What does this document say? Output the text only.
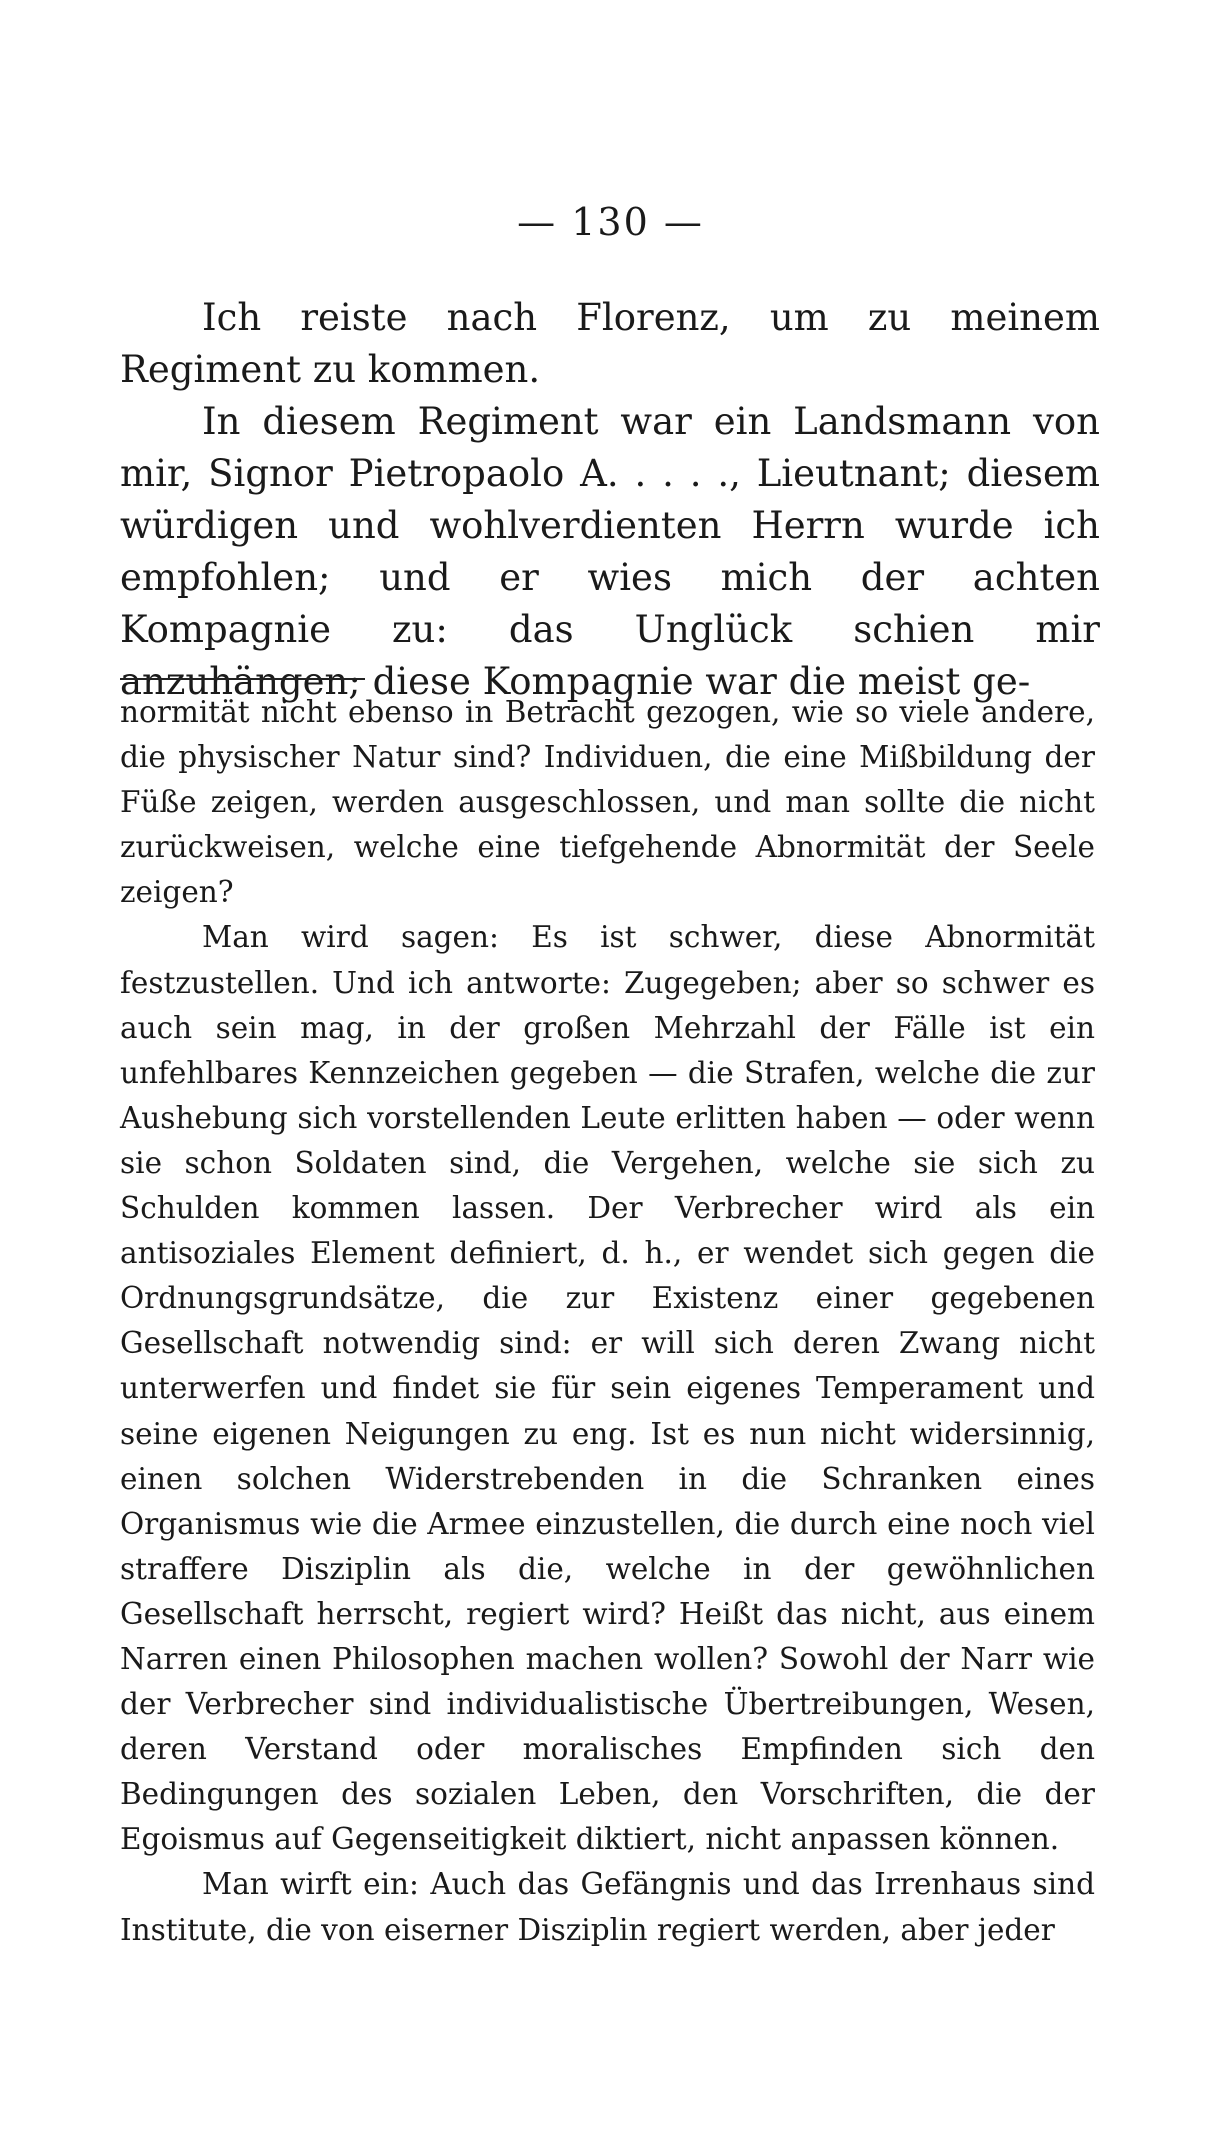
— 130 —

Ich reiste nach Florenz, um zu meinem Regiment zu kommen.

In diesem Regiment war ein Landsmann von mir, Signor Pietropaolo A. . . . ., Lieutnant; diesem würdigen und wohlverdienten Herrn wurde ich empfohlen; und er wies mich der achten Kompagnie zu: das Unglück schien mir anzuhängen; diese Kompagnie war die meist ge-

normität nicht ebenso in Betracht gezogen, wie so viele andere, die physischer Natur sind? Individuen, die eine Mißbildung der Füße zeigen, werden ausgeschlossen, und man sollte die nicht zurückweisen, welche eine tiefgehende Abnormität der Seele zeigen?

Man wird sagen: Es ist schwer, diese Abnormität festzustellen. Und ich antworte: Zugegeben; aber so schwer es auch sein mag, in der großen Mehrzahl der Fälle ist ein unfehlbares Kennzeichen gegeben — die Strafen, welche die zur Aushebung sich vorstellenden Leute erlitten haben — oder wenn sie schon Soldaten sind, die Vergehen, welche sie sich zu Schulden kommen lassen. Der Verbrecher wird als ein antisoziales Element definiert, d. h., er wendet sich gegen die Ordnungsgrundsätze, die zur Existenz einer gegebenen Gesellschaft notwendig sind: er will sich deren Zwang nicht unterwerfen und findet sie für sein eigenes Temperament und seine eigenen Neigungen zu eng. Ist es nun nicht widersinnig, einen solchen Widerstrebenden in die Schranken eines Organismus wie die Armee einzustellen, die durch eine noch viel straffere Disziplin als die, welche in der gewöhnlichen Gesellschaft herrscht, regiert wird? Heißt das nicht, aus einem Narren einen Philosophen machen wollen? Sowohl der Narr wie der Verbrecher sind individualistische Übertreibungen, Wesen, deren Verstand oder moralisches Empfinden sich den Bedingungen des sozialen Leben, den Vorschriften, die der Egoismus auf Gegenseitigkeit diktiert, nicht anpassen können.

Man wirft ein: Auch das Gefängnis und das Irrenhaus sind Institute, die von eiserner Disziplin regiert werden, aber jeder
